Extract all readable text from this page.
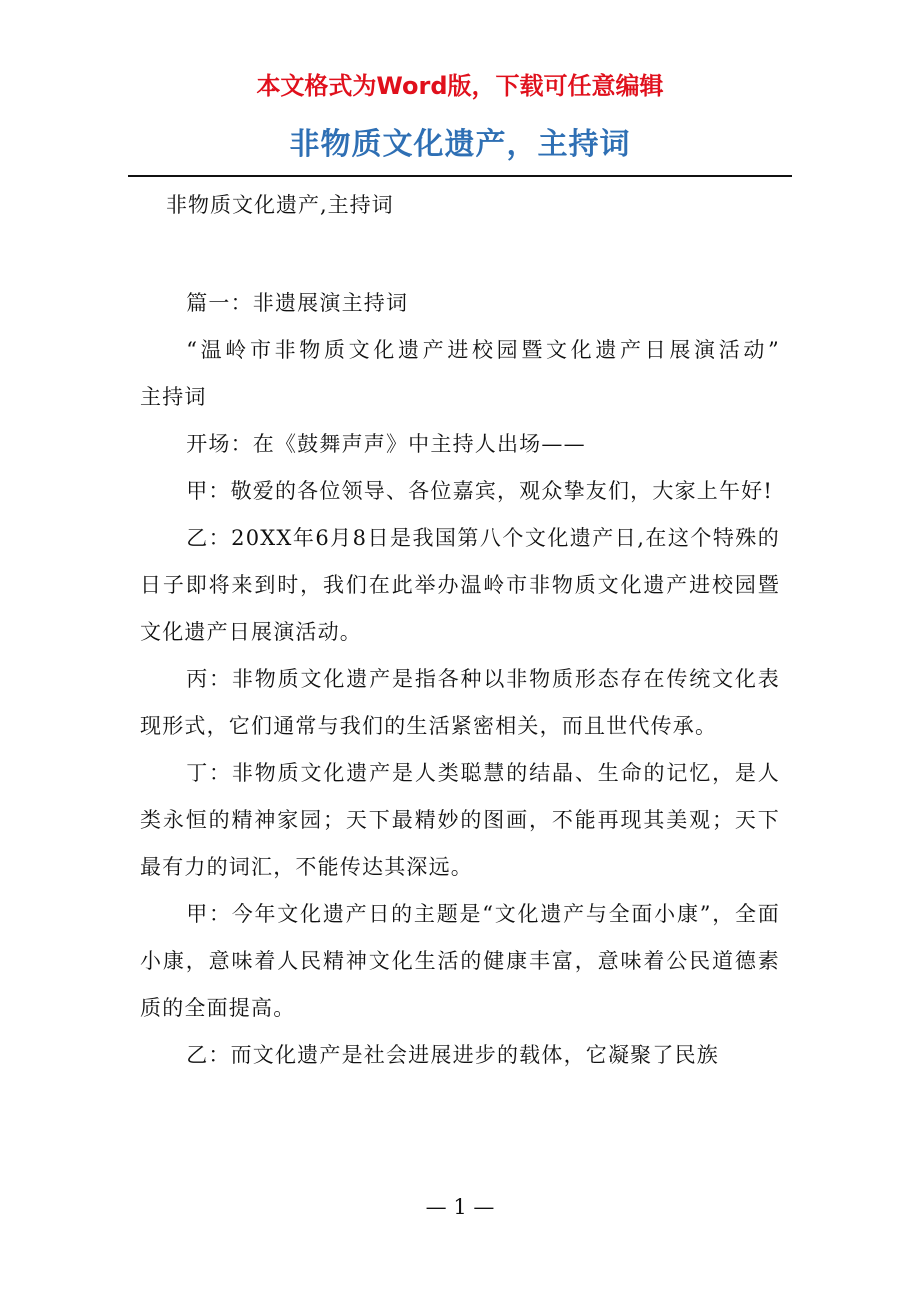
本文格式为Word版，下载可任意编辑
非物质文化遗产，主持词
非物质文化遗产,主持词

篇一：非遗展演主持词

“温岭市非物质文化遗产进校园暨文化遗产日展演活动”　　主持词

开场：在《鼓舞声声》中主持人出场——

甲：敬爱的各位领导、各位嘉宾，观众挚友们，大家上午好!

乙：20XX年6月8日是我国第八个文化遗产日,在这个特殊的日子即将来到时，我们在此举办温岭市非物质文化遗产进校园暨文化遗产日展演活动。

丙：非物质文化遗产是指各种以非物质形态存在传统文化表现形式，它们通常与我们的生活紧密相关，而且世代传承。

丁：非物质文化遗产是人类聪慧的结晶、生命的记忆，是人类永恒的精神家园；天下最精妙的图画，不能再现其美观；天下最有力的词汇，不能传达其深远。

甲：今年文化遗产日的主题是“文化遗产与全面小康”，全面小康，意味着人民精神文化生活的健康丰富，意味着公民道德素质的全面提高。

乙：而文化遗产是社会进展进步的载体，它凝聚了民族

— 1 —
